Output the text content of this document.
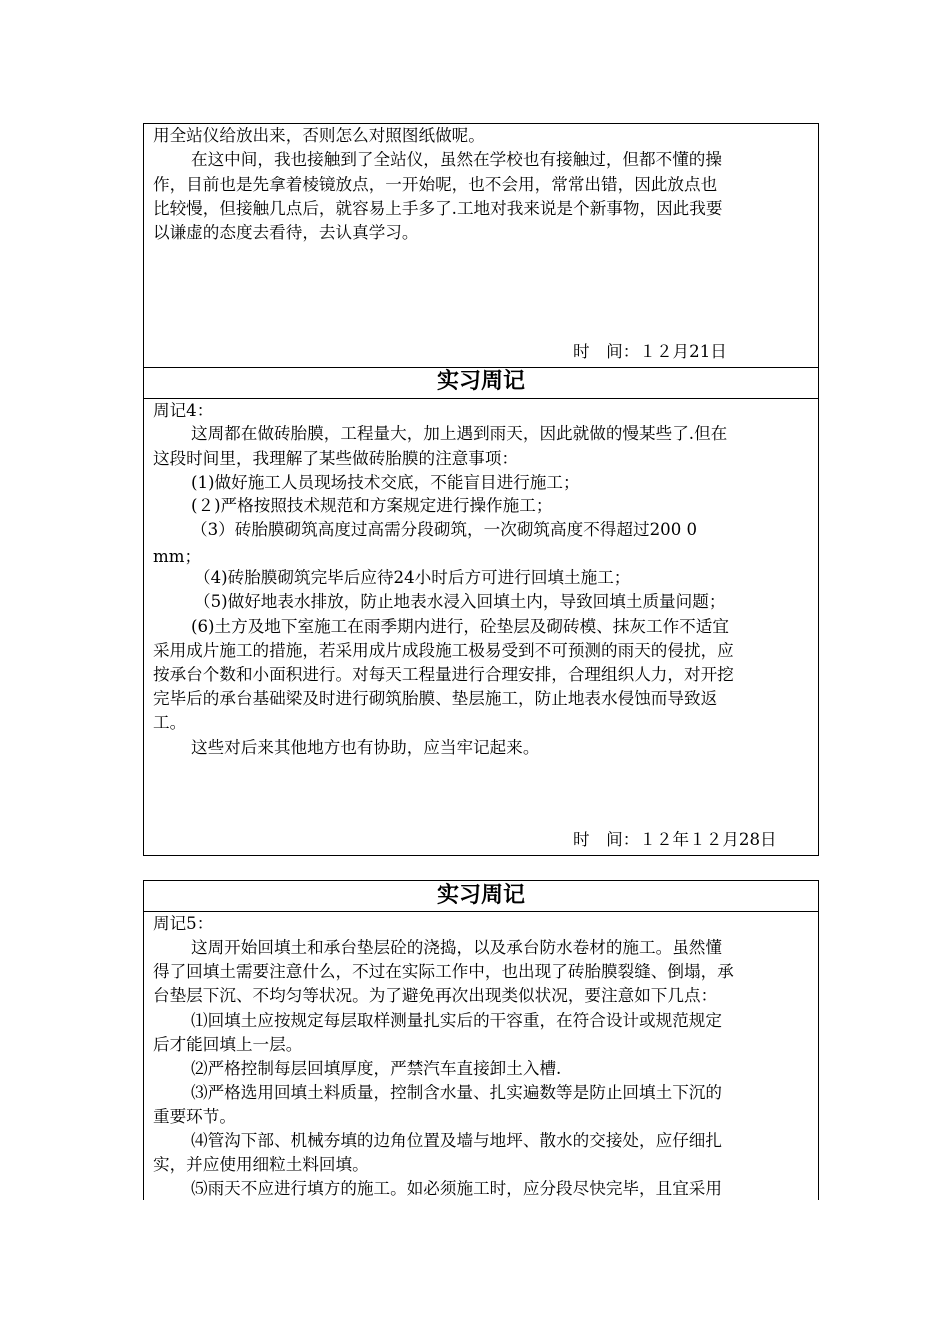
用全站仪给放出来，否则怎么对照图纸做呢。
在这中间，我也接触到了全站仪，虽然在学校也有接触过，但都不懂的操
作，目前也是先拿着棱镜放点，一开始呢，也不会用，常常出错，因此放点也
比较慢，但接触几点后，就容易上手多了.工地对我来说是个新事物，因此我要
以谦虚的态度去看待，去认真学习。
时　间：１２月21日
实习周记
周记4：
这周都在做砖胎膜，工程量大，加上遇到雨天，因此就做的慢某些了.但在
这段时间里，我理解了某些做砖胎膜的注意事项：
(1)做好施工人员现场技术交底，不能盲目进行施工；
(２)严格按照技术规范和方案规定进行操作施工；
（3）砖胎膜砌筑高度过高需分段砌筑，一次砌筑高度不得超过200 0
mm；
（4)砖胎膜砌筑完毕后应待24小时后方可进行回填土施工；
（5)做好地表水排放，防止地表水浸入回填土内，导致回填土质量问题；
(6)土方及地下室施工在雨季期内进行，砼垫层及砌砖模、抹灰工作不适宜
采用成片施工的措施，若采用成片成段施工极易受到不可预测的雨天的侵扰，应
按承台个数和小面积进行。对每天工程量进行合理安排，合理组织人力，对开挖
完毕后的承台基础梁及时进行砌筑胎膜、垫层施工，防止地表水侵蚀而导致返
工。
这些对后来其他地方也有协助，应当牢记起来。
时　间：１２年１２月28日
实习周记
周记5：
这周开始回填土和承台垫层砼的浇捣，以及承台防水卷材的施工。虽然懂
得了回填土需要注意什么，不过在实际工作中，也出现了砖胎膜裂缝、倒塌，承
台垫层下沉、不均匀等状况。为了避免再次出现类似状况，要注意如下几点：
⑴回填土应按规定每层取样测量扎实后的干容重，在符合设计或规范规定
后才能回填上一层。
⑵严格控制每层回填厚度，严禁汽车直接卸土入槽.
⑶严格选用回填土料质量，控制含水量、扎实遍数等是防止回填土下沉的
重要环节。
⑷管沟下部、机械夯填的边角位置及墙与地坪、散水的交接处，应仔细扎
实，并应使用细粒土料回填。
⑸雨天不应进行填方的施工。如必须施工时，应分段尽快完毕，且宜采用
